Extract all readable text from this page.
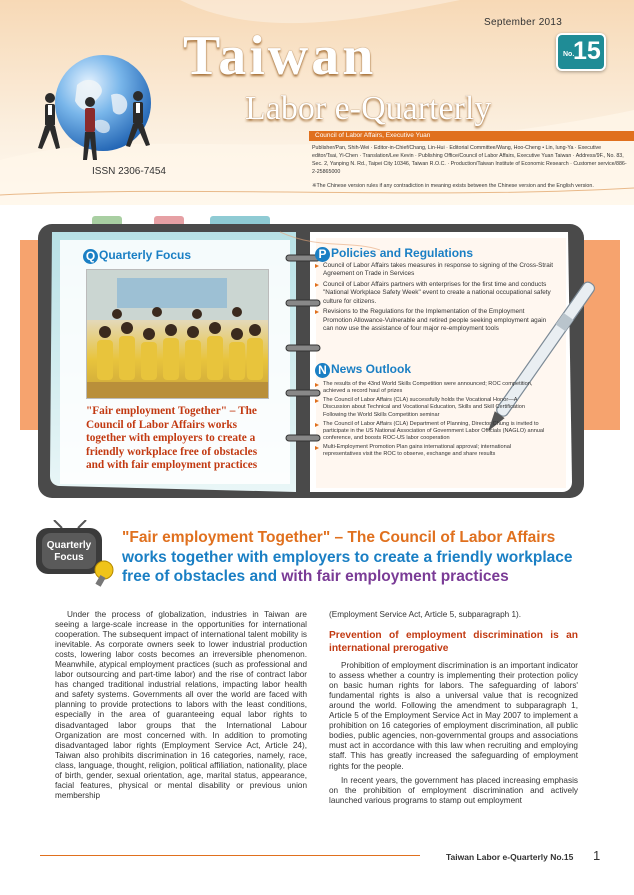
September 2013
Taiwan
Labor e-Quarterly
No.
15
Council of Labor Affairs, Executive Yuan
Publisher/Pan, Shih-Wei · Editor-in-Chief/Chang, Lin-Hui · Editorial Committee/Wang, Hoo-Cheng • Lin, lung-Ya · Executive editor/Tsai, Yi-Chen · Translation/Lee Kevin · Publishing Office/Council of Labor Affairs, Executive Yuan Taiwan · Address/9F., No. 83, Sec. 2, Yanping N. Rd., Taipei City 10346, Taiwan R.O.C. · Production/Taiwan Institute of Economic Research · Customer service/886-2-25865000
※The Chinese version rules if any contradiction in meaning exists between the Chinese version and the English version.
ISSN 2306-7454
Q Quarterly Focus
"Fair employment Together" – The Council of Labor Affairs works together with employers to create a friendly workplace free of obstacles and with fair employment practices
P Policies and Regulations
Council of Labor Affairs takes measures in response to signing of the Cross-Strait Agreement on Trade in Services
Council of Labor Affairs partners with enterprises for the first time and conducts "National Workplace Safety Week" event to create a national occupational safety culture for citizens.
Revisions to the Regulations for the Implementation of the Employment Promotion Allowance-Vulnerable and retired people seeking employment again can now use the assistance of four major re-employment tools
N News Outlook
The results of the 43nd World Skills Competition were announced; ROC competition, achieved a record haul of prizes
The Council of Labor Affairs (CLA) successfully holds the Vocational Honor—A Discussion about Technical and Vocational Education, Skills and Skill Certification Following the World Skills Competition seminar
The Council of Labor Affairs (CLA) Department of Planning, Director Chung is invited to participate in the US National Association of Government Labor Officials (NAGLO) annual conference, and boosts ROC-US labor cooperation
Multi-Employment Promotion Plan gains international approval; international representatives visit the ROC to observe, exchange and share results
Quarterly
Focus
"Fair employment Together" – The Council of Labor Affairs works together with employers to create a friendly workplace free of obstacles and with fair employment practices
Under the process of globalization, industries in Taiwan are seeing a large-scale increase in the opportunities for international cooperation. The subsequent impact of international talent mobility is inevitable. As corporate owners seek to lower industrial production costs, lowering labor costs becomes an irreversible phenomenon. Meanwhile, atypical employment practices (such as professional and labor outsourcing and part-time labor) and the rise of contract labor has changed traditional industrial relations, impacting labor health and safety systems. Governments all over the world are faced with planning to provide protections to labors with the least conditions, especially in the area of guaranteeing equal labor rights to disadvantaged labor groups that the International Labour Organization are most concerned with. In addition to promoting disadvantaged labor rights (Employment Service Act, Article 24), Taiwan also prohibits discrimination in 16 categories, namely, race, class, language, thought, religion, political affiliation, nationality, place of birth, gender, sexual orientation, age, marital status, appearance, facial features, physical or mental disability or previous union membership

(Employment Service Act, Article 5, subparagraph 1).

Prevention of employment discrimination is an international prerogative

Prohibition of employment discrimination is an important indicator to assess whether a country is implementing their protection policy on basic human rights for labors. The safeguarding of labors' fundamental rights is also a universal value that is recognized around the world. Following the amendment to subparagraph 1, Article 5 of the Employment Service Act in May 2007 to implement a prohibition on 16 categories of employment discrimination, all public bodies, public agencies, non-governmental groups and associations must act in accordance with this law when recruiting and employing staff. This has greatly increased the safeguarding of employment rights for the people.

In recent years, the government has placed increasing emphasis on the prohibition of employment discrimination and actively launched various programs to stamp out employment

Taiwan Labor e-Quarterly No.15 1
